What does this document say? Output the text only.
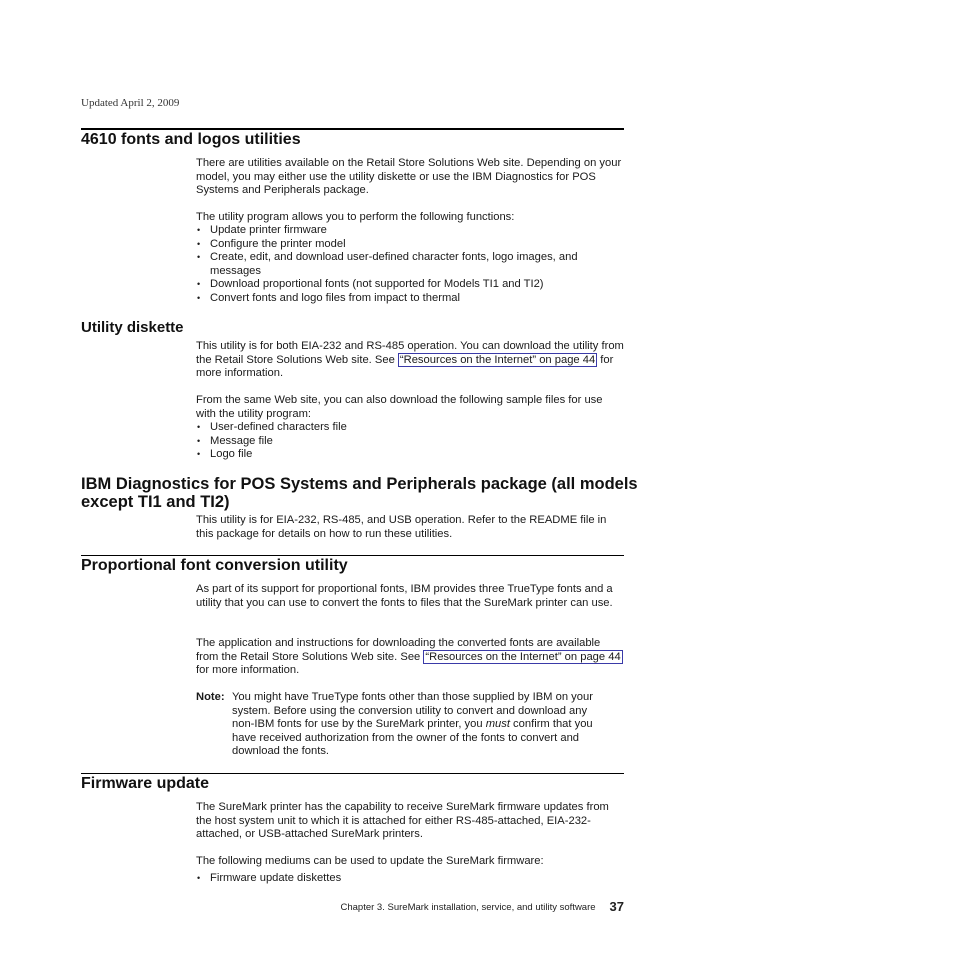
Updated April 2, 2009
4610 fonts and logos utilities

There are utilities available on the Retail Store Solutions Web site. Depending on your model, you may either use the utility diskette or use the IBM Diagnostics for POS Systems and Peripherals package.

The utility program allows you to perform the following functions:

• Update printer firmware
• Configure the printer model
• Create, edit, and download user-defined character fonts, logo images, and messages
• Download proportional fonts (not supported for Models TI1 and TI2)
• Convert fonts and logo files from impact to thermal
Utility diskette

This utility is for both EIA-232 and RS-485 operation. You can download the utility from the Retail Store Solutions Web site. See “Resources on the Internet” on page 44 for more information.

From the same Web site, you can also download the following sample files for use with the utility program:

• User-defined characters file
• Message file
• Logo file
IBM Diagnostics for POS Systems and Peripherals package (all models except TI1 and TI2)

This utility is for EIA-232, RS-485, and USB operation. Refer to the README file in this package for details on how to run these utilities.

Proportional font conversion utility

As part of its support for proportional fonts, IBM provides three TrueType fonts and a utility that you can use to convert the fonts to files that the SureMark printer can use.

The application and instructions for downloading the converted fonts are available from the Retail Store Solutions Web site. See “Resources on the Internet” on page 44 for more information.

Note: You might have TrueType fonts other than those supplied by IBM on your system. Before using the conversion utility to convert and download any non-IBM fonts for use by the SureMark printer, you must confirm that you have received authorization from the owner of the fonts to convert and download the fonts.

Firmware update

The SureMark printer has the capability to receive SureMark firmware updates from the host system unit to which it is attached for either RS-485-attached, EIA-232-attached, or USB-attached SureMark printers.

The following mediums can be used to update the SureMark firmware:

• Firmware update diskettes
Chapter 3. SureMark installation, service, and utility software 37
